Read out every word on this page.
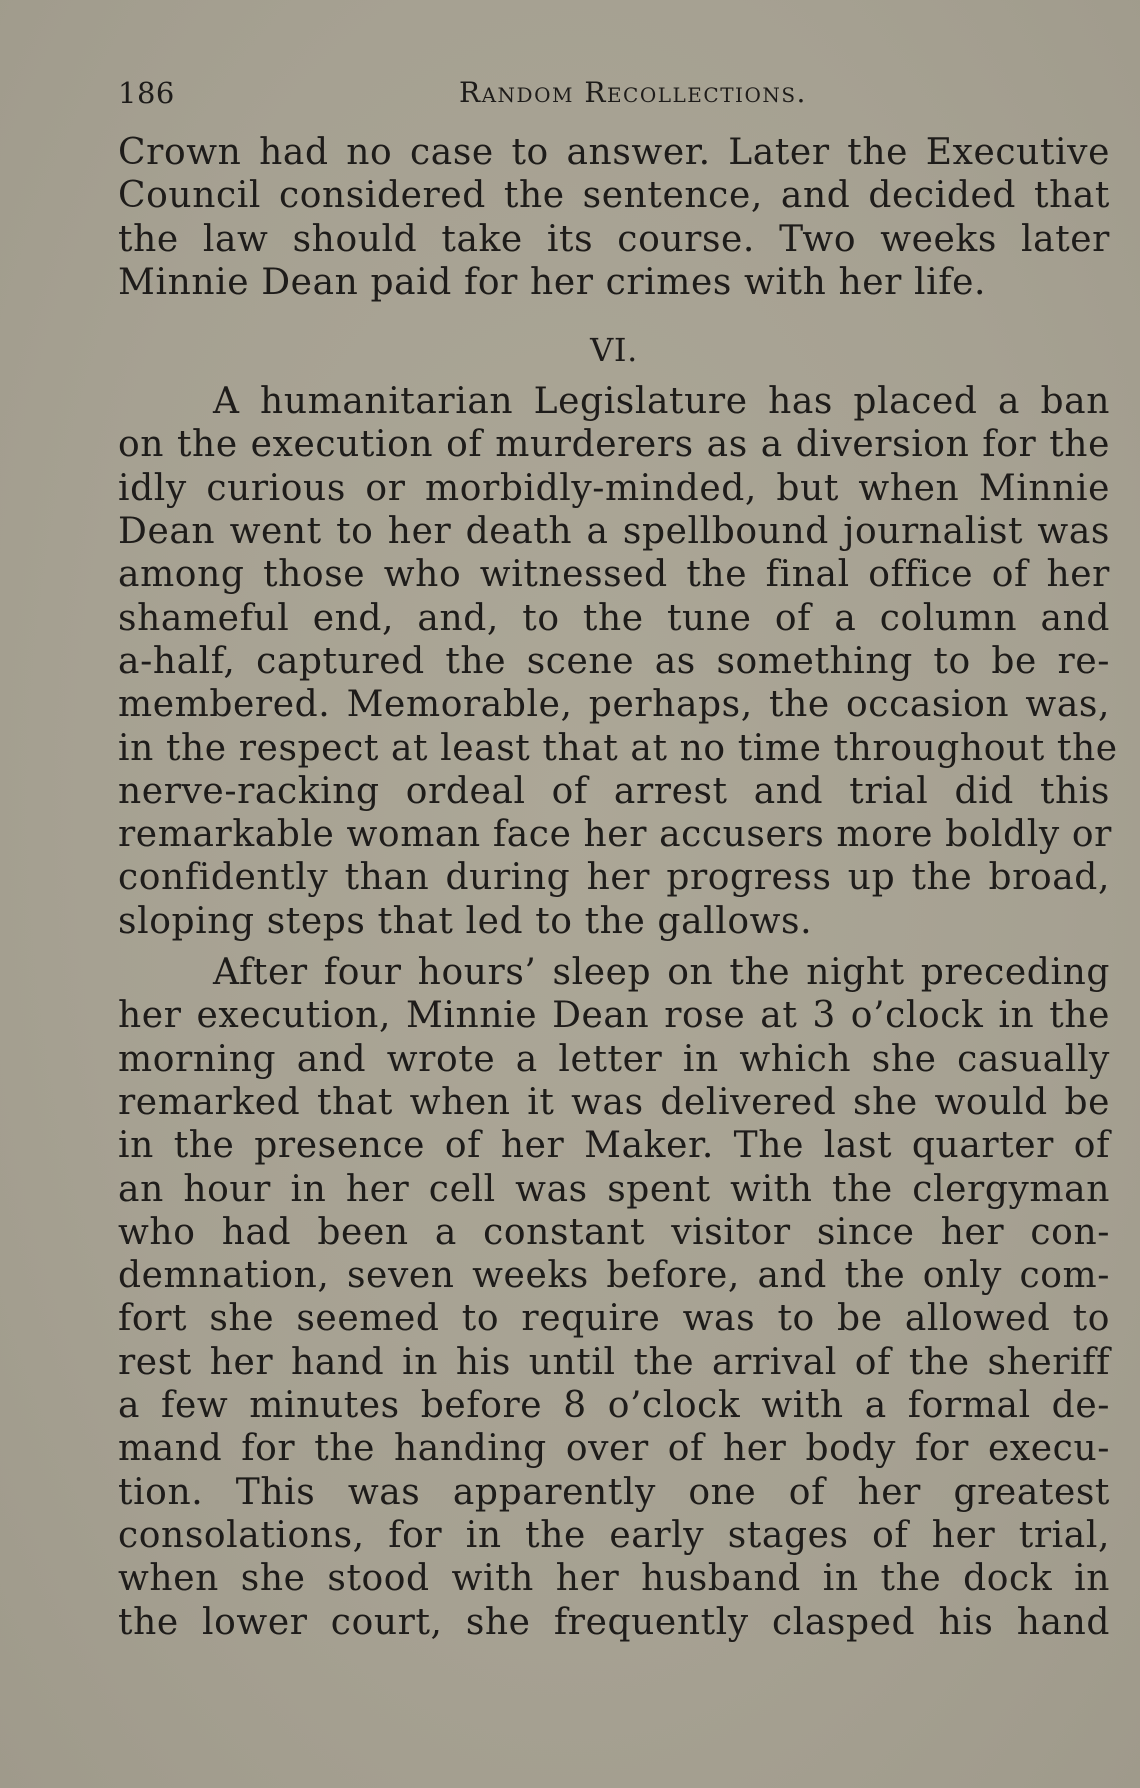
186	Random Recollections.
Crown had no case to answer. Later the Executive
Council considered the sentence, and decided that
the law should take its course. Two weeks later
Minnie Dean paid for her crimes with her life.
VI.
A humanitarian Legislature has placed a ban
on the execution of murderers as a diversion for the
idly curious or morbidly-minded, but when Minnie
Dean went to her death a spellbound journalist was
among those who witnessed the final office of her
shameful end, and, to the tune of a column and
a-half, captured the scene as something to be re-
membered. Memorable, perhaps, the occasion was,
in the respect at least that at no time throughout the
nerve-racking ordeal of arrest and trial did this
remarkable woman face her accusers more boldly or
confidently than during her progress up the broad,
sloping steps that led to the gallows.
After four hours’ sleep on the night preceding
her execution, Minnie Dean rose at 3 o’clock in the
morning and wrote a letter in which she casually
remarked that when it was delivered she would be
in the presence of her Maker. The last quarter of
an hour in her cell was spent with the clergyman
who had been a constant visitor since her con-
demnation, seven weeks before, and the only com-
fort she seemed to require was to be allowed to
rest her hand in his until the arrival of the sheriff
a few minutes before 8 o’clock with a formal de-
mand for the handing over of her body for execu-
tion. This was apparently one of her greatest
consolations, for in the early stages of her trial,
when she stood with her husband in the dock in
the lower court, she frequently clasped his hand
